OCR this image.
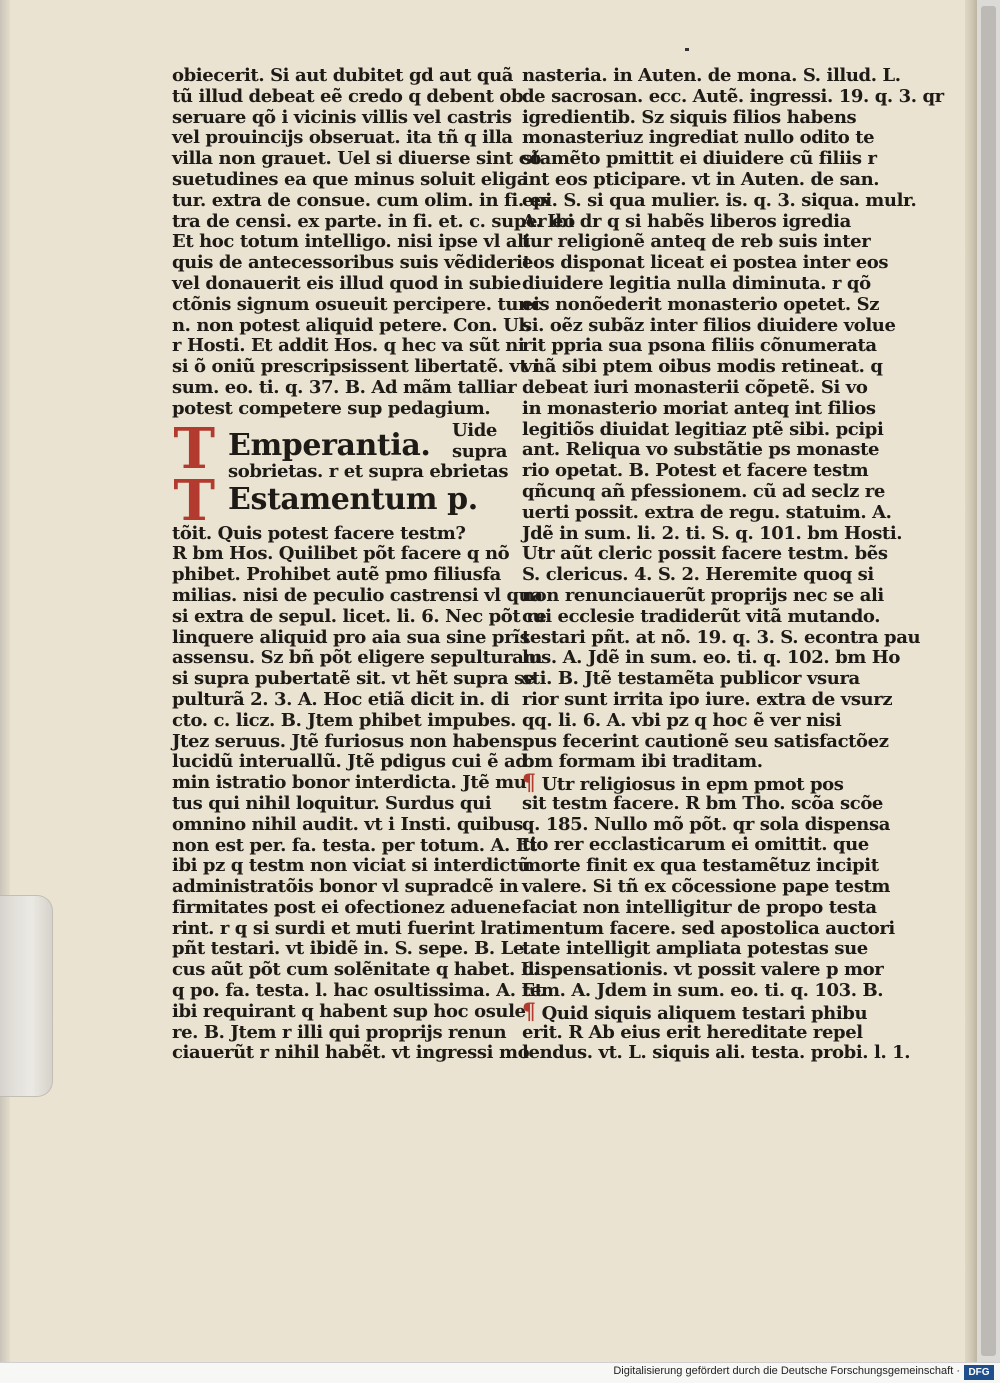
obiecerit. Si aut dubitet gd aut quã
tũ illud debeat eẽ credo q debent ob
seruare qõ i vicinis villis vel castris
vel prouincijs obseruat. ita tñ q illa
villa non grauet. Uel si diuerse sint cõ
suetudines ea que minus soluit eliga
tur. extra de consue. cum olim. in fi. ex
tra de censi. ex parte. in fi. et. c. super eo
Et hoc totum intelligo. nisi ipse vl ali
quis de antecessoribus suis vẽdiderit
vel donauerit eis illud quod in subie
ctõnis signum osueuit percipere. tunc
n. non potest aliquid petere. Con. Ul.
r Hosti. Et addit Hos. q hec va sũt ni
si õ oniũ prescripsissent libertatẽ. vt i
sum. eo. ti. q. 37. B. Ad mãm talliar
potest competere sup pedagium.
T Emperantia. Uide
supra
sobrietas. r et supra ebrietas
T Estamentum p.
tõit. Quis potest facere testm?
R bm Hos. Quilibet põt facere q nõ
phibet. Prohibet autẽ pmo filiusfa
milias. nisi de peculio castrensi vl qua
si extra de sepul. licet. li. 6. Nec põt re
linquere aliquid pro aia sua sine prĩs
assensu. Sz bñ põt eligere sepulturam
si supra pubertatẽ sit. vt hẽt supra se
pulturã 2. 3. A. Hoc etiã dicit in. di
cto. c. licz. B. Jtem phibet impubes.
Jtez seruus. Jtẽ furiosus non habens
lucidũ interuallũ. Jtẽ pdigus cui ẽ ad
min istratio bonor interdicta. Jtẽ mu
tus qui nihil loquitur. Surdus qui
omnino nihil audit. vt i Insti. quibus
non est per. fa. testa. per totum. A. Et
ibi pz q testm non viciat si interdictũ
administratõis bonor vl supradcẽ in
firmitates post ei ofectionez aduene
rint. r q si surdi et muti fuerint lrati.
pñt testari. vt ibidẽ in. S. sepe. B. Le
cus aũt põt cum solẽnitate q habet. L.
q po. fa. testa. l. hac osultissima. A. Et
ibi requirant q habent sup hoc osule
re. B. Jtem r illi qui proprijs renun
ciauerũt r nihil habẽt. vt ingressi mo
nasteria. in Auten. de mona. S. illud. L.
de sacrosan. ecc. Autẽ. ingressi. 19. q. 3. qr
igredientib. Sz siquis filios habens
monasteriuz ingrediat nullo odito te
stamẽto pmittit ei diuidere cũ filiis r
int eos pticipare. vt in Auten. de san.
epi. S. si qua mulier. is. q. 3. siqua. mulr.
A. Ibi dr q si habẽs liberos igredia
tur religionẽ anteq de reb suis inter
eos disponat liceat ei postea inter eos
diuidere legitia nulla diminuta. r qõ
eis nonõederit monasterio opetet. Sz
si. oẽz subãz inter filios diuidere volue
rit ppria sua psona filiis cõnumerata
vnã sibi ptem oibus modis retineat. q
debeat iuri monasterii cõpetẽ. Si vo
in monasterio moriat anteq int filios
legitiõs diuidat legitiaz ptẽ sibi. pcipi
ant. Reliqua vo substãtie ps monaste
rio opetat. B. Potest et facere testm
qñcunq añ pfessionem. cũ ad seclz re
uerti possit. extra de regu. statuim. A.
Jdẽ in sum. li. 2. ti. S. q. 101. bm Hosti.
Utr aũt cleric possit facere testm. bẽs
S. clericus. 4. S. 2. Heremite quoq si
non renunciauerũt proprijs nec se ali
cui ecclesie tradiderũt vitã mutando.
testari pñt. at nõ. 19. q. 3. S. econtra pau
lus. A. Jdẽ in sum. eo. ti. q. 102. bm Ho
sti. B. Jtẽ testamẽta publicor vsura
rior sunt irrita ipo iure. extra de vsurz
qq. li. 6. A. vbi pz q hoc ẽ ver nisi
pus fecerint cautionẽ seu satisfactõez
bm formam ibi traditam.
¶ Utr religiosus in epm pmot pos
sit testm facere. R bm Tho. scõa scõe
q. 185. Nullo mõ põt. qr sola dispensa
tio rer ecclasticarum ei omittit. que
morte finit ex qua testamẽtuz incipit
valere. Si tñ ex cõcessione pape testm
faciat non intelligitur de propo testa
mentum facere. sed apostolica auctori
tate intelligit ampliata potestas sue
dispensationis. vt possit valere p mor
tem. A. Jdem in sum. eo. ti. q. 103. B.
¶ Quid siquis aliquem testari phibu
erit. R Ab eius erit hereditate repel
lendus. vt. L. siquis ali. testa. probi. l. 1.
Digitalisierung gefördert durch die Deutsche Forschungsgemeinschaft · DFG
